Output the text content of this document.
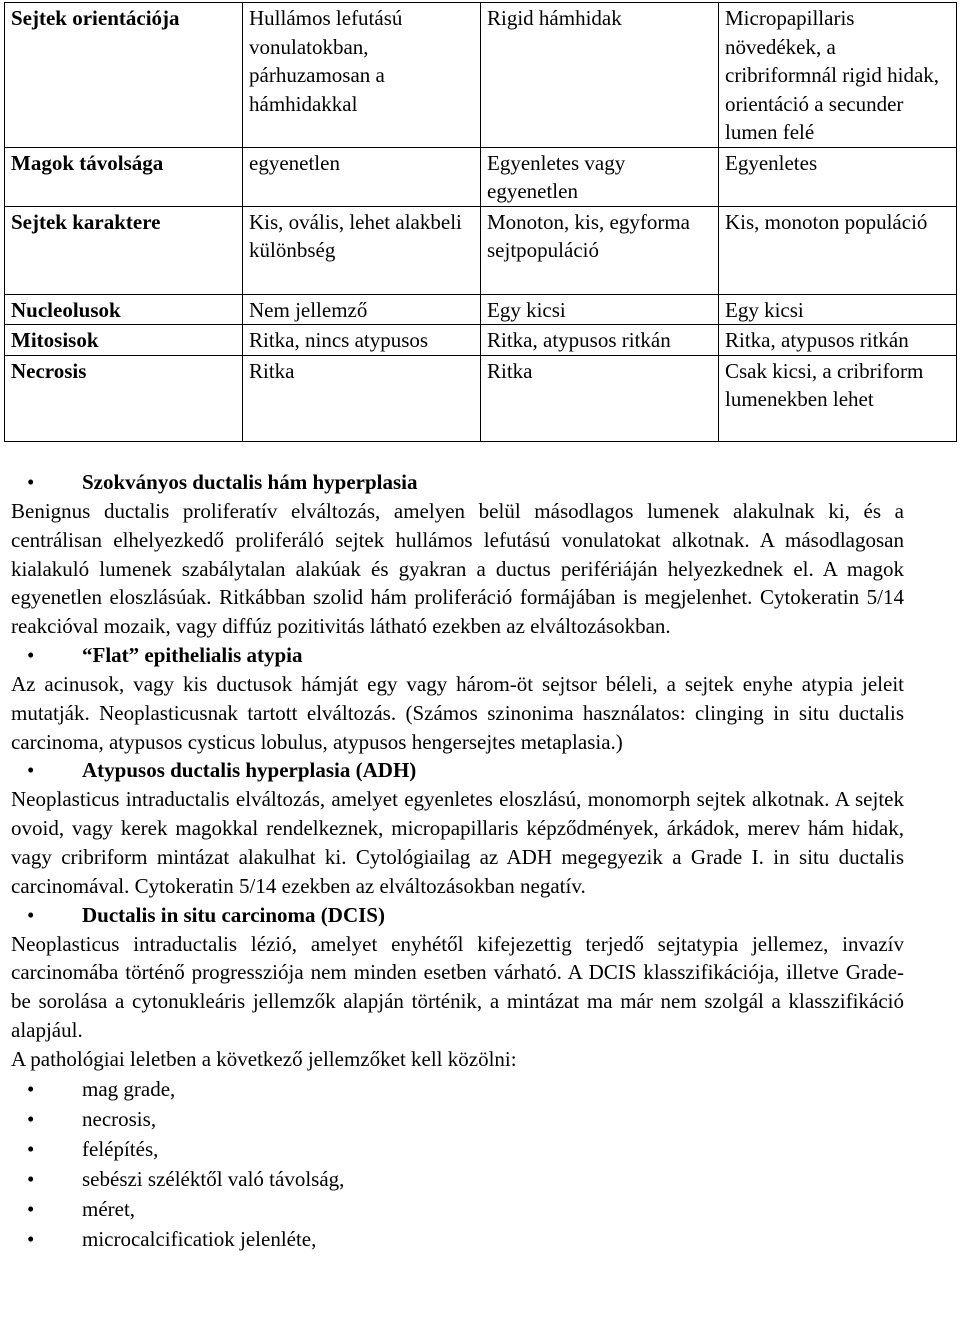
Sejtek orientációja	Hullámos lefutású vonulatokban, párhuzamosan a hámhidakkal	Rigid hámhidak	Micropapillaris növedékek, a cribriformnál rigid hidak, orientáció a secunder lumen felé
Magok távolsága	egyenetlen	Egyenletes vagy egyenetlen	Egyenletes
Sejtek karaktere	Kis, ovális, lehet alakbeli különbség	Monoton, kis, egyforma sejtpopuláció	Kis, monoton populáció
Nucleolusok	Nem jellemző	Egy kicsi	Egy kicsi
Mitosisok	Ritka, nincs atypusos	Ritka, atypusos ritkán	Ritka, atypusos ritkán
Necrosis	Ritka	Ritka	Csak kicsi, a cribriform lumenekben lehet
• Szokványos ductalis hám hyperplasia
Benignus ductalis proliferatív elváltozás, amelyen belül másodlagos lumenek alakulnak ki, és a centrálisan elhelyezkedő proliferáló sejtek hullámos lefutású vonulatokat alkotnak. A másodlagosan kialakuló lumenek szabálytalan alakúak és gyakran a ductus perifériáján helyezkednek el. A magok egyenetlen eloszlásúak. Ritkábban szolid hám proliferáció formájában is megjelenhet. Cytokeratin 5/14 reakcióval mozaik, vagy diffúz pozitivitás látható ezekben az elváltozásokban.
• “Flat” epithelialis atypia
Az acinusok, vagy kis ductusok hámját egy vagy három-öt sejtsor béleli, a sejtek enyhe atypia jeleit mutatják. Neoplasticusnak tartott elváltozás. (Számos szinonima használatos: clinging in situ ductalis carcinoma, atypusos cysticus lobulus, atypusos hengersejtes metaplasia.)
• Atypusos ductalis hyperplasia (ADH)
Neoplasticus intraductalis elváltozás, amelyet egyenletes eloszlású, monomorph sejtek alkotnak. A sejtek ovoid, vagy kerek magokkal rendelkeznek, micropapillaris képződmények, árkádok, merev hám hidak, vagy cribriform mintázat alakulhat ki. Cytológiailag az ADH megegyezik a Grade I. in situ ductalis carcinomával. Cytokeratin 5/14 ezekben az elváltozásokban negatív.
• Ductalis in situ carcinoma (DCIS)
Neoplasticus intraductalis lézió, amelyet enyhétől kifejezettig terjedő sejtatypia jellemez, invazív carcinomába történő progressziója nem minden esetben várható. A DCIS klasszifikációja, illetve Grade-be sorolása a cytonukleáris jellemzők alapján történik, a mintázat ma már nem szolgál a klasszifikáció alapjául.
A pathológiai leletben a következő jellemzőket kell közölni:
• mag grade,
• necrosis,
• felépítés,
• sebészi széléktől való távolság,
• méret,
• microcalcificatiok jelenléte,
